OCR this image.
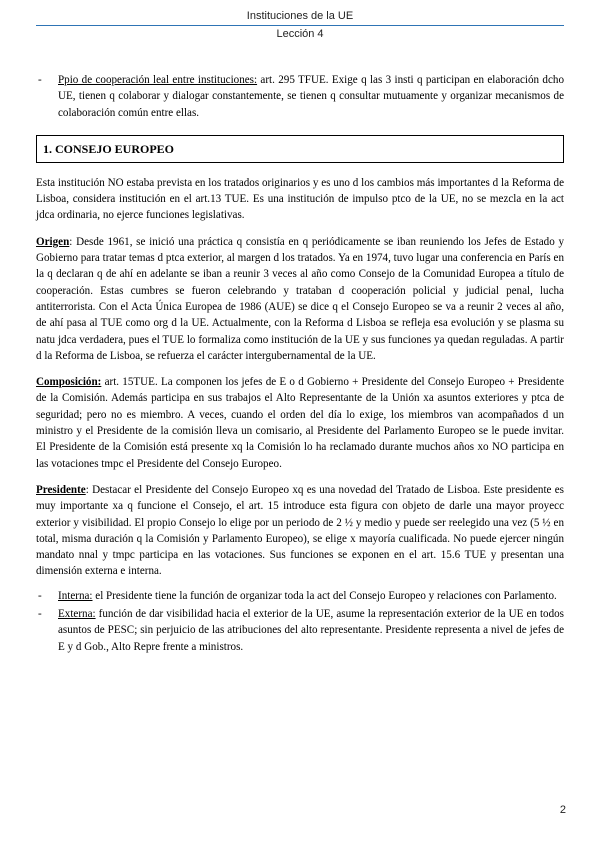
Instituciones de la UE
Lección 4
- Ppio de cooperación leal entre instituciones: art. 295 TFUE. Exige q las 3 insti q participan en elaboración dcho UE, tienen q colaborar y dialogar constantemente, se tienen q consultar mutuamente y organizar mecanismos de colaboración común entre ellas.
1. CONSEJO EUROPEO

Esta institución NO estaba prevista en los tratados originarios y es uno d los cambios más importantes d la Reforma de Lisboa, considera institución en el art.13 TUE. Es una institución de impulso ptco de la UE, no se mezcla en la act jdca ordinaria, no ejerce funciones legislativas.

Origen: Desde 1961, se inició una práctica q consistía en q periódicamente se iban reuniendo los Jefes de Estado y Gobierno para tratar temas d ptca exterior, al margen d los tratados. Ya en 1974, tuvo lugar una conferencia en París en la q declaran q de ahí en adelante se iban a reunir 3 veces al año como Consejo de la Comunidad Europea a título de cooperación. Estas cumbres se fueron celebrando y trataban d cooperación policial y judicial penal, lucha antiterrorista. Con el Acta Única Europea de 1986 (AUE) se dice q el Consejo Europeo se va a reunir 2 veces al año, de ahí pasa al TUE como org d la UE. Actualmente, con la Reforma d Lisboa se refleja esa evolución y se plasma su natu jdca verdadera, pues el TUE lo formaliza como institución de la UE y sus funciones ya quedan reguladas. A partir d la Reforma de Lisboa, se refuerza el carácter intergubernamental de la UE.

Composición: art. 15TUE. La componen los jefes de E o d Gobierno + Presidente del Consejo Europeo + Presidente de la Comisión. Además participa en sus trabajos el Alto Representante de la Unión xa asuntos exteriores y ptca de seguridad; pero no es miembro. A veces, cuando el orden del día lo exige, los miembros van acompañados d un ministro y el Presidente de la comisión lleva un comisario, al Presidente del Parlamento Europeo se le puede invitar. El Presidente de la Comisión está presente xq la Comisión lo ha reclamado durante muchos años xo NO participa en las votaciones tmpc el Presidente del Consejo Europeo.

Presidente: Destacar el Presidente del Consejo Europeo xq es una novedad del Tratado de Lisboa. Este presidente es muy importante xa q funcione el Consejo, el art. 15 introduce esta figura con objeto de darle una mayor proyecc exterior y visibilidad. El propio Consejo lo elige por un periodo de 2 ½ y medio y puede ser reelegido una vez (5 ½ en total, misma duración q la Comisión y Parlamento Europeo), se elige x mayoría cualificada. No puede ejercer ningún mandato nnal y tmpc participa en las votaciones. Sus funciones se exponen en el art. 15.6 TUE y presentan una dimensión externa e interna.

- Interna: el Presidente tiene la función de organizar toda la act del Consejo Europeo y relaciones con Parlamento.
- Externa: función de dar visibilidad hacia el exterior de la UE, asume la representación exterior de la UE en todos asuntos de PESC; sin perjuicio de las atribuciones del alto representante. Presidente representa a nivel de jefes de E y d Gob., Alto Repre frente a ministros.
2
